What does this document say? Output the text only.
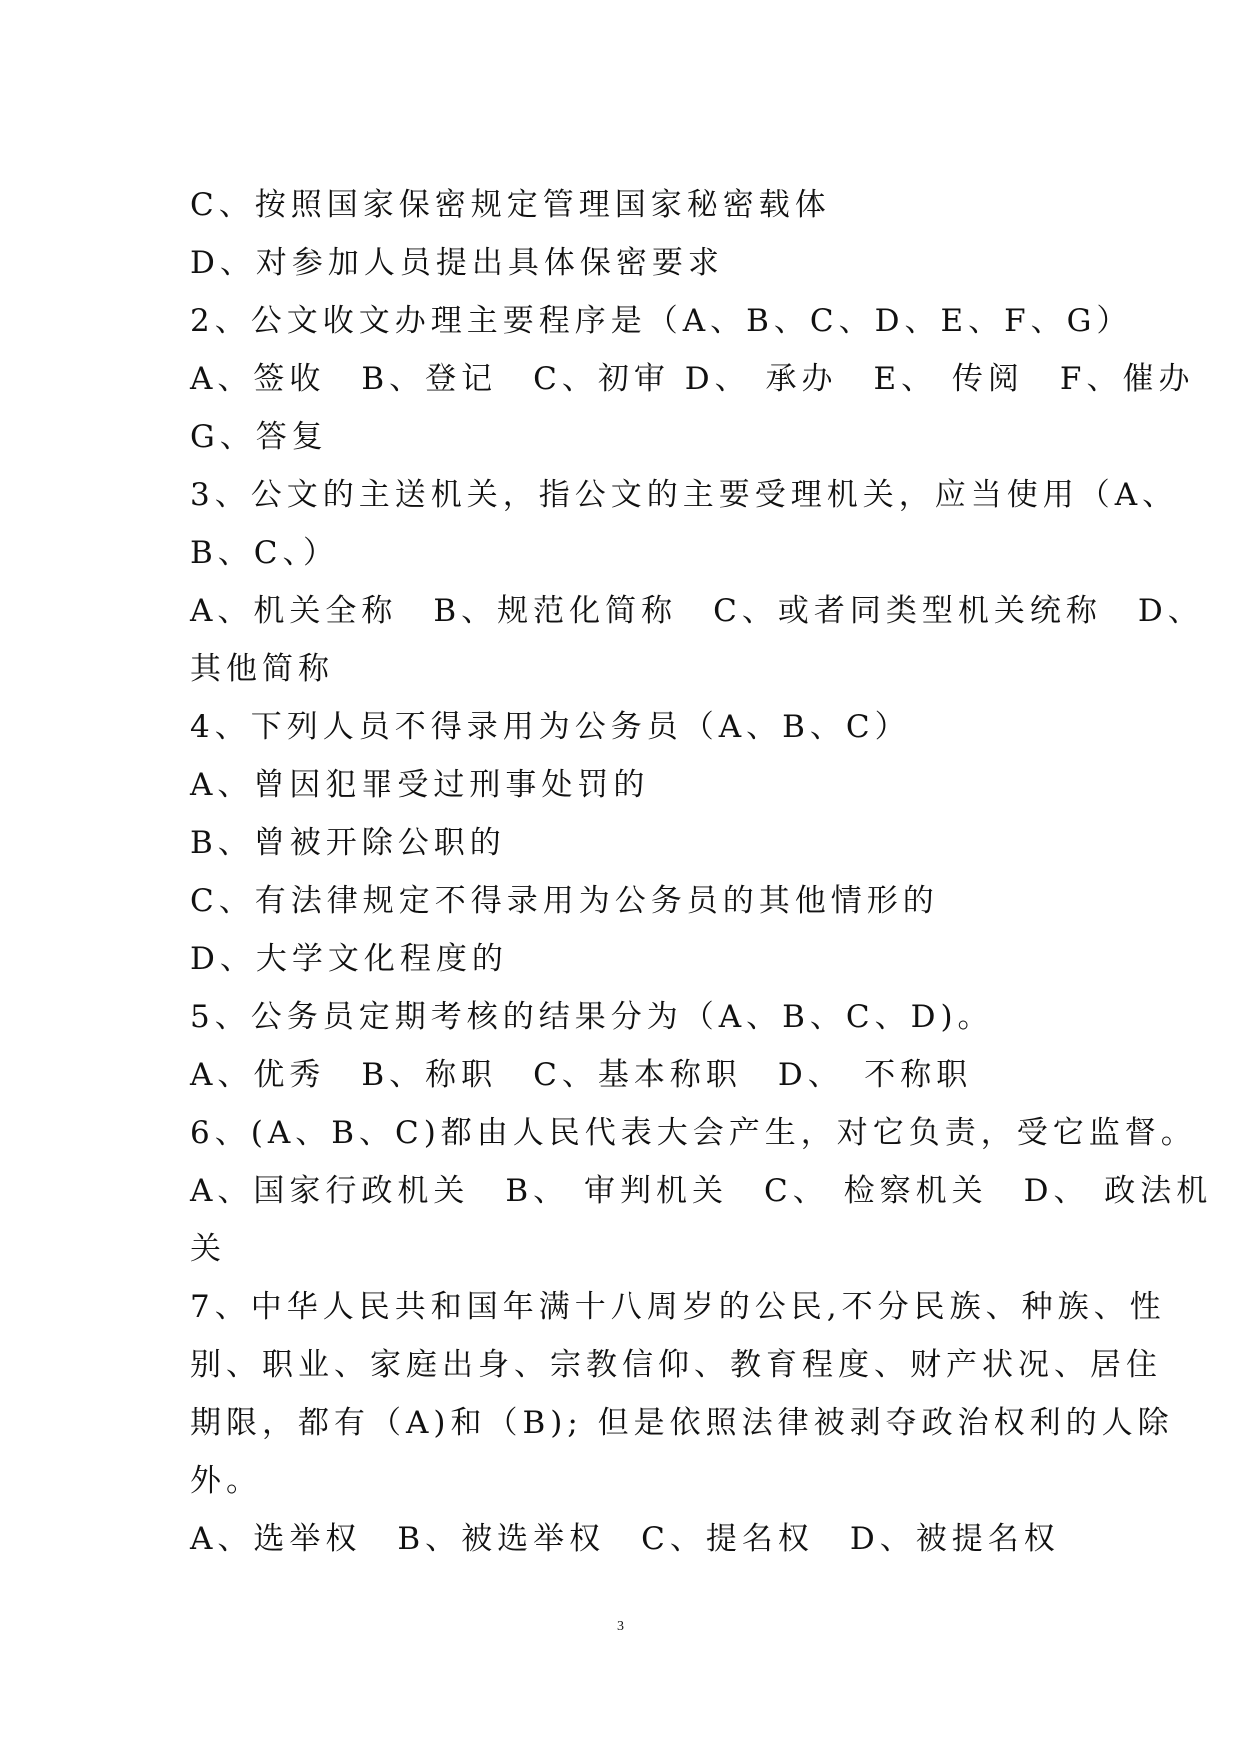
C、按照国家保密规定管理国家秘密载体
D、对参加人员提出具体保密要求
2、公文收文办理主要程序是（A、B、C、D、E、F、G）
A、签收　B、登记　C、初审 D、 承办　E、 传阅　F、催办
G、答复
3、公文的主送机关，指公文的主要受理机关，应当使用（A、
B、C、）
A、机关全称　B、规范化简称　C、或者同类型机关统称　D、
其他简称
4、下列人员不得录用为公务员（A、B、C）
A、曾因犯罪受过刑事处罚的
B、曾被开除公职的
C、有法律规定不得录用为公务员的其他情形的
D、大学文化程度的
5、公务员定期考核的结果分为（A、B、C、D)。
A、优秀　B、称职　C、基本称职　D、　不称职
6、(A、B、C)都由人民代表大会产生，对它负责，受它监督。
A、国家行政机关　B、 审判机关　C、 检察机关　D、 政法机
关
7、中华人民共和国年满十八周岁的公民,不分民族、种族、性
别、职业、家庭出身、宗教信仰、教育程度、财产状况、居住
期限，都有（A)和（B); 但是依照法律被剥夺政治权利的人除
外。
A、选举权　B、被选举权　C、提名权　D、被提名权
3
